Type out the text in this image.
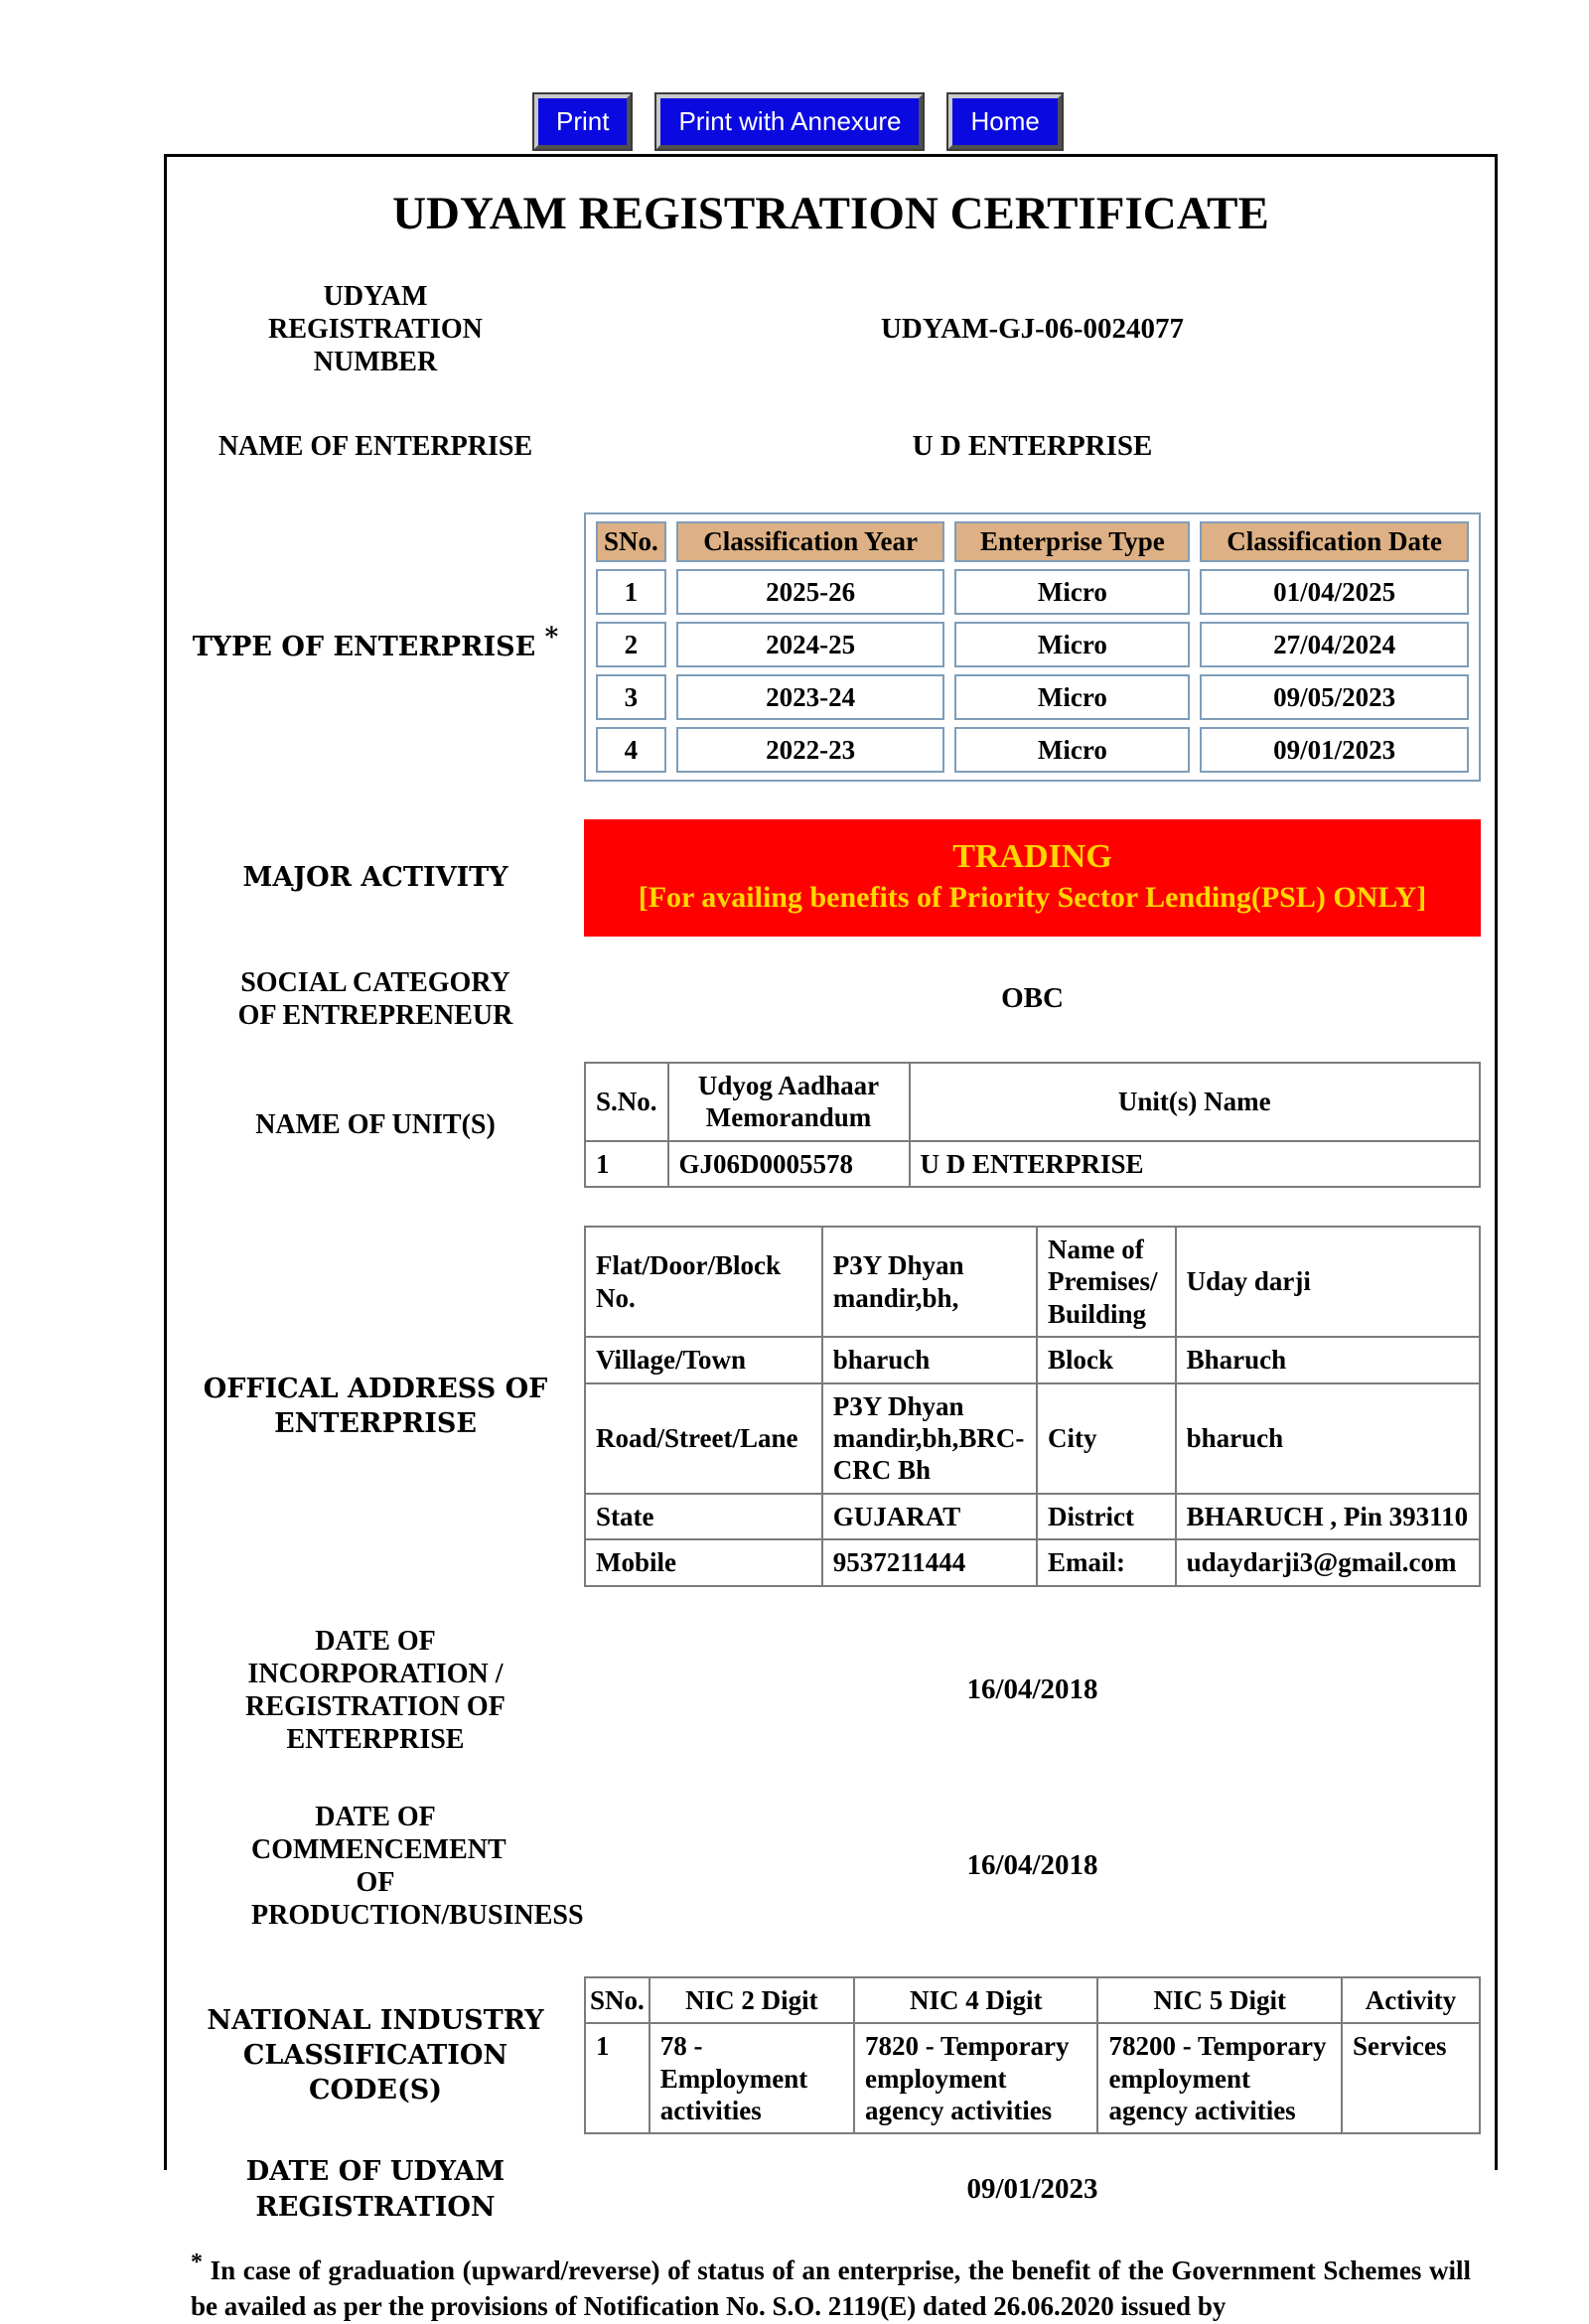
Print	Print with Annexure	Home
UDYAM REGISTRATION CERTIFICATE
UDYAM REGISTRATION NUMBER
UDYAM-GJ-06-0024077
NAME OF ENTERPRISE	U D ENTERPRISE
TYPE OF ENTERPRISE *
SNo.	Classification Year	Enterprise Type	Classification Date
1	2025-26	Micro	01/04/2025
2	2024-25	Micro	27/04/2024
3	2023-24	Micro	09/05/2023
4	2022-23	Micro	09/01/2023
MAJOR ACTIVITY
TRADING
[For availing benefits of Priority Sector Lending(PSL) ONLY]
SOCIAL CATEGORY OF ENTREPRENEUR
OBC
NAME OF UNIT(S)
S.No.	Udyog Aadhaar Memorandum	Unit(s) Name
1	GJ06D0005578	U D ENTERPRISE
OFFICAL ADDRESS OF ENTERPRISE
Flat/Door/Block No.	P3Y Dhyan mandir,bh,	Name of Premises/ Building	Uday darji
Village/Town	bharuch	Block	Bharuch
Road/Street/Lane	P3Y Dhyan mandir,bh,BRC-CRC Bh	City	bharuch
State	GUJARAT	District	BHARUCH , Pin 393110
Mobile	9537211444	Email:	udaydarji3@gmail.com
DATE OF INCORPORATION / REGISTRATION OF ENTERPRISE
16/04/2018
DATE OF COMMENCEMENT OF PRODUCTION/BUSINESS
16/04/2018
NATIONAL INDUSTRY CLASSIFICATION CODE(S)
SNo.	NIC 2 Digit	NIC 4 Digit	NIC 5 Digit	Activity
1	78 - Employment activities	7820 - Temporary employment agency activities	78200 - Temporary employment agency activities	Services
DATE OF UDYAM REGISTRATION
09/01/2023
* In case of graduation (upward/reverse) of status of an enterprise, the benefit of the Government Schemes will be availed as per the provisions of Notification No. S.O. 2119(E) dated 26.06.2020 issued by
